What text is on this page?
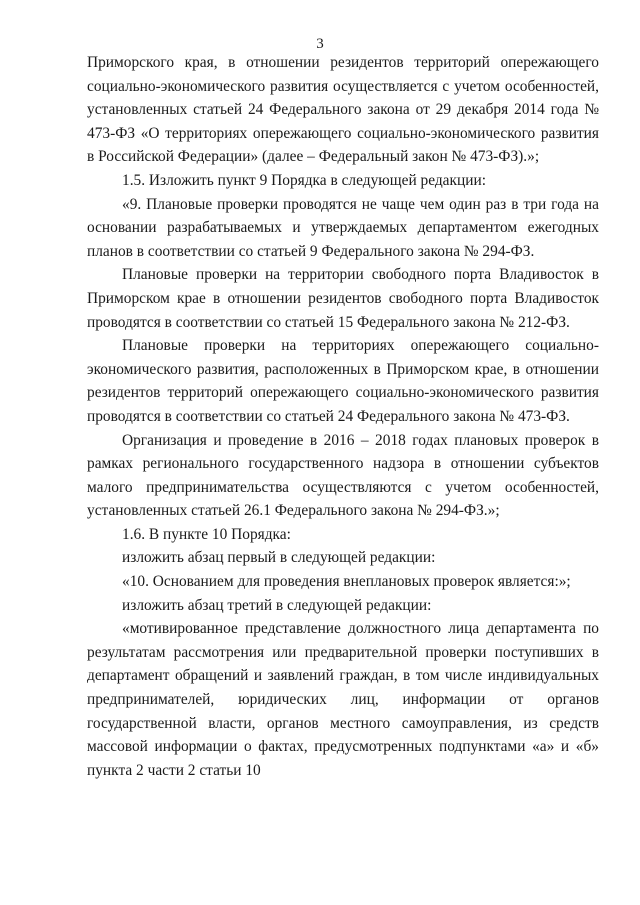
3

Приморского края, в отношении резидентов территорий опережающего социально-экономического развития осуществляется с учетом особенностей, установленных статьей 24 Федерального закона от 29 декабря 2014 года № 473-ФЗ «О территориях опережающего социально-экономического развития в Российской Федерации» (далее – Федеральный закон № 473-ФЗ).»;

1.5. Изложить пункт 9 Порядка в следующей редакции:

«9. Плановые проверки проводятся не чаще чем один раз в три года на основании разрабатываемых и утверждаемых департаментом ежегодных планов в соответствии со статьей 9 Федерального закона № 294-ФЗ.

Плановые проверки на территории свободного порта Владивосток в Приморском крае в отношении резидентов свободного порта Владивосток проводятся в соответствии со статьей 15 Федерального закона № 212-ФЗ.

Плановые проверки на территориях опережающего социально-экономического развития, расположенных в Приморском крае, в отношении резидентов территорий опережающего социально-экономического развития проводятся в соответствии со статьей 24 Федерального закона № 473-ФЗ.

Организация и проведение в 2016 – 2018 годах плановых проверок в рамках регионального государственного надзора в отношении субъектов малого предпринимательства осуществляются с учетом особенностей, установленных статьей 26.1 Федерального закона № 294-ФЗ.»;

1.6. В пункте 10 Порядка:

изложить абзац первый в следующей редакции:

«10. Основанием для проведения внеплановых проверок является:»;

изложить абзац третий в следующей редакции:

«мотивированное представление должностного лица департамента по результатам рассмотрения или предварительной проверки поступивших в департамент обращений и заявлений граждан, в том числе индивидуальных предпринимателей, юридических лиц, информации от органов государственной власти, органов местного самоуправления, из средств массовой информации о фактах, предусмотренных подпунктами «а» и «б» пункта 2 части 2 статьи 10
